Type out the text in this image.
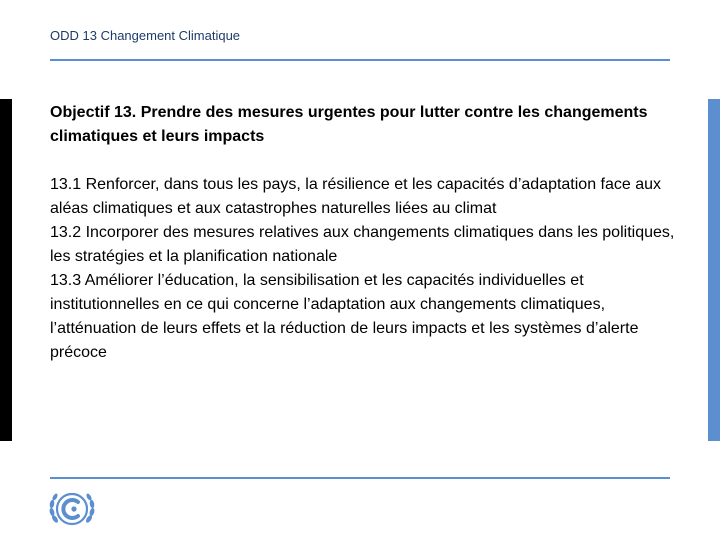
ODD 13 Changement Climatique

Objectif 13. Prendre des mesures urgentes pour lutter contre les changements climatiques et leurs impacts

13.1 Renforcer, dans tous les pays, la résilience et les capacités d’adaptation face aux aléas climatiques et aux catastrophes naturelles liées au climat

13.2 Incorporer des mesures relatives aux changements climatiques dans les politiques, les stratégies et la planification nationale

13.3 Améliorer l’éducation, la sensibilisation et les capacités individuelles et institutionnelles en ce qui concerne l’adaptation aux changements climatiques, l’atténuation de leurs effets et la réduction de leurs impacts et les systèmes d’alerte précoce
